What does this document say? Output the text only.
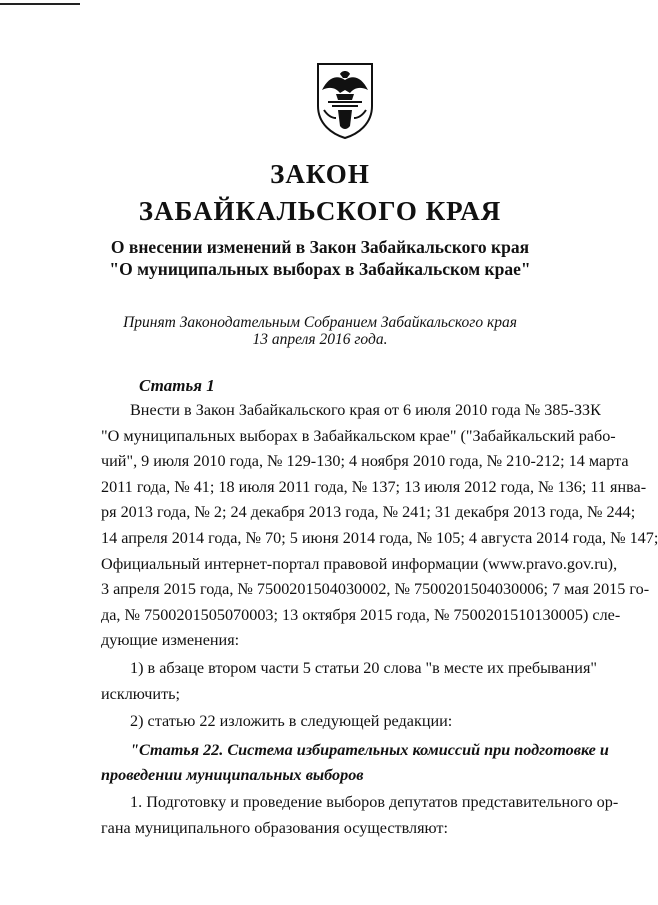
ЗАКОН
ЗАБАЙКАЛЬСКОГО КРАЯ
О внесении изменений в Закон Забайкальского края
"О муниципальных выборах в Забайкальском крае"
Принят Законодательным Собранием Забайкальского края
13 апреля 2016 года.
Статья 1
Внести в Закон Забайкальского края от 6 июля 2010 года № 385-ЗЗК
"О муниципальных выборах в Забайкальском крае" ("Забайкальский рабо-
чий", 9 июля 2010 года, № 129-130; 4 ноября 2010 года, № 210-212; 14 марта
2011 года, № 41; 18 июля 2011 года, № 137; 13 июля 2012 года, № 136; 11 янва-
ря 2013 года, № 2; 24 декабря 2013 года, № 241; 31 декабря 2013 года, № 244;
14 апреля 2014 года, № 70; 5 июня 2014 года, № 105; 4 августа 2014 года, № 147;
Официальный интернет-портал правовой информации (www.pravo.gov.ru),
3 апреля 2015 года, № 7500201504030002, № 7500201504030006; 7 мая 2015 го-
да, № 7500201505070003; 13 октября 2015 года, № 7500201510130005) сле-
дующие изменения:
1) в абзаце втором части 5 статьи 20 слова "в месте их пребывания"
исключить;
2) статью 22 изложить в следующей редакции:
"Статья 22. Система избирательных комиссий при подготовке и
проведении муниципальных выборов
1. Подготовку и проведение выборов депутатов представительного ор-
гана муниципального образования осуществляют:
